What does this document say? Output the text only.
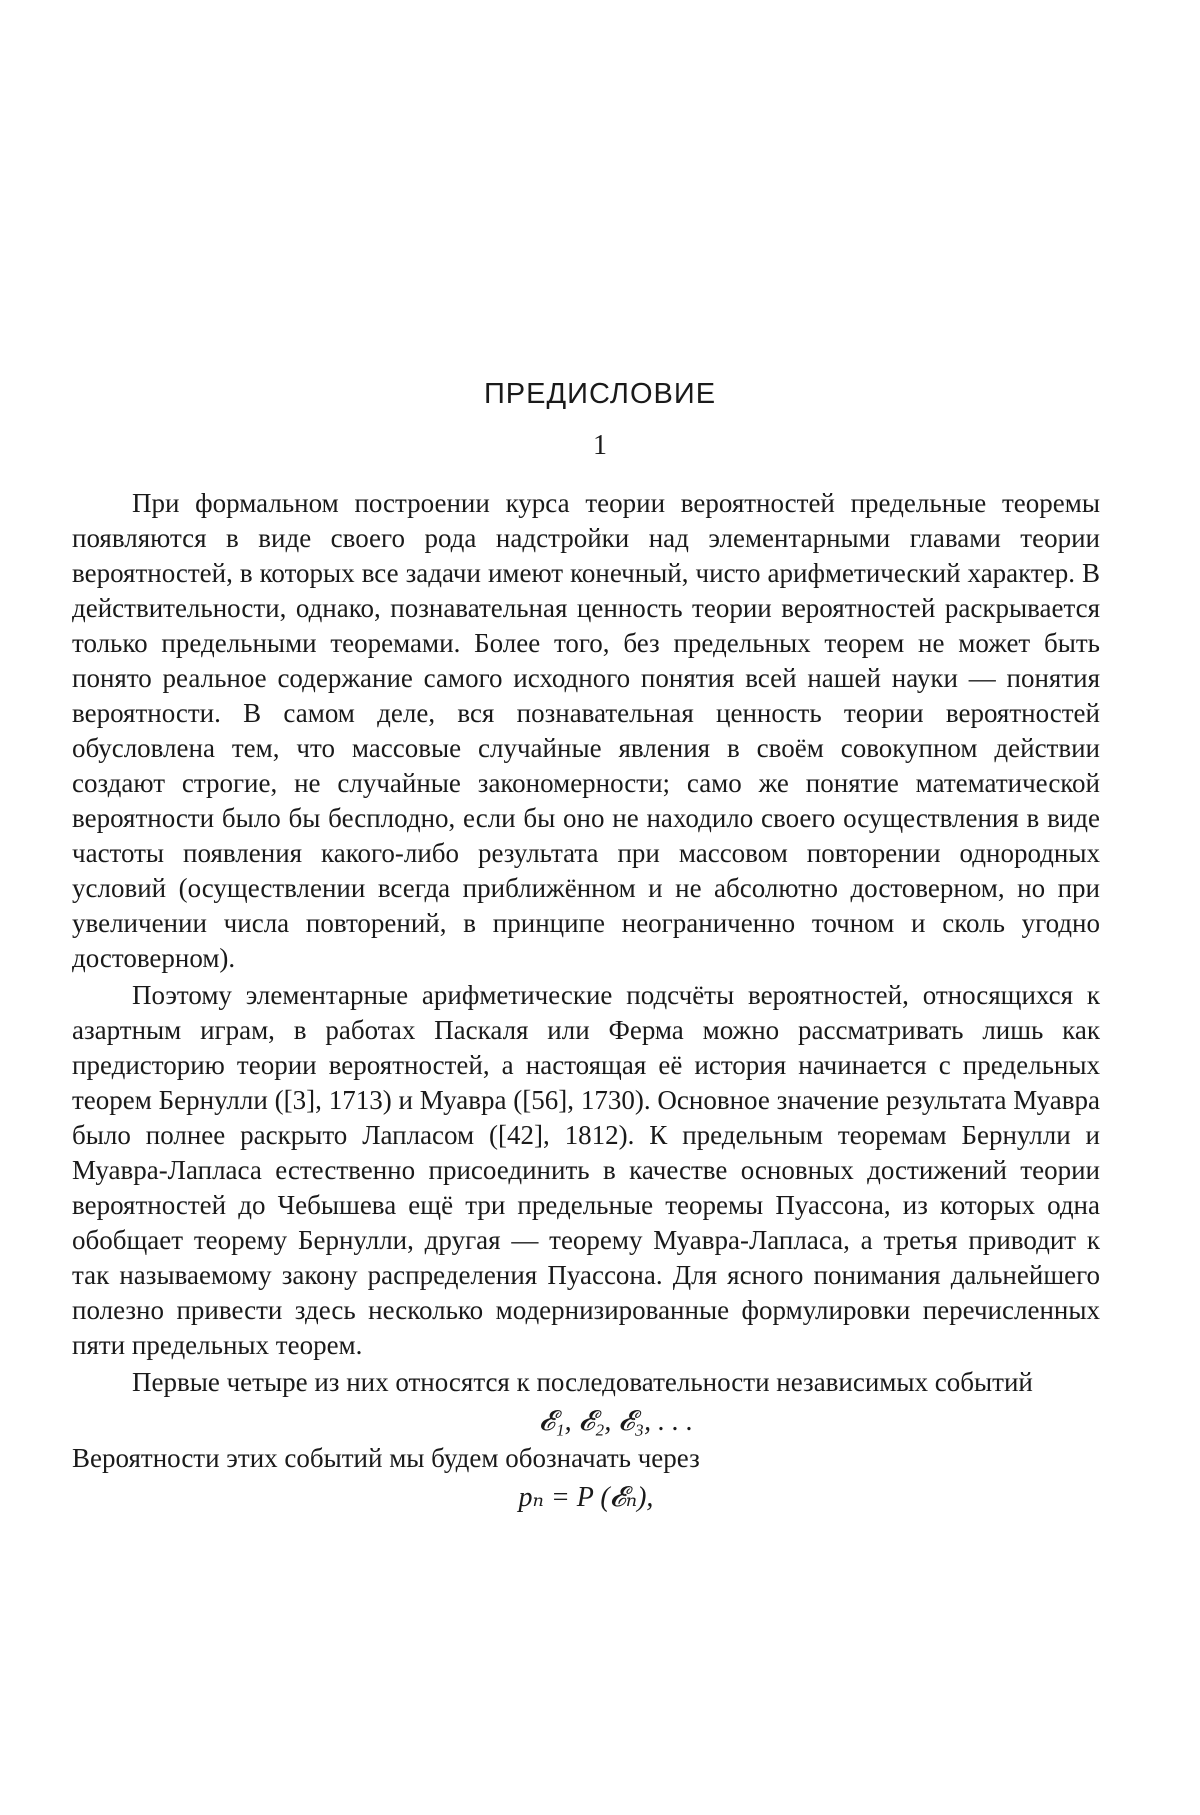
ПРЕДИСЛОВИЕ
1

При формальном построении курса теории вероятностей предельные теоремы появляются в виде своего рода надстройки над элементарными главами теории вероятностей, в которых все задачи имеют конечный, чисто арифметический характер. В действительности, однако, познавательная ценность теории вероятностей раскрывается только предельными теоремами. Более того, без предельных теорем не может быть понято реальное содержание самого исходного понятия всей нашей науки — понятия вероятности. В самом деле, вся познавательная ценность теории вероятностей обусловлена тем, что массовые случайные явления в своём совокупном действии создают строгие, не случайные закономерности; само же понятие математической вероятности было бы бесплодно, если бы оно не находило своего осуществления в виде частоты появления какого-либо результата при массовом повторении однородных условий (осуществлении всегда приближённом и не абсолютно достоверном, но при увеличении числа повторений, в принципе неограниченно точном и сколь угодно достоверном).

Поэтому элементарные арифметические подсчёты вероятностей, относящихся к азартным играм, в работах Паскаля или Ферма можно рассматривать лишь как предисторию теории вероятностей, а настоящая её история начинается с предельных теорем Бернулли ([3], 1713) и Муавра ([56], 1730). Основное значение результата Муавра было полнее раскрыто Лапласом ([42], 1812). К предельным теоремам Бернулли и Муавра-Лапласа естественно присоединить в качестве основных достижений теории вероятностей до Чебышева ещё три предельные теоремы Пуассона, из которых одна обобщает теорему Бернулли, другая — теорему Муавра-Лапласа, а третья приводит к так называемому закону распределения Пуассона. Для ясного понимания дальнейшего полезно привести здесь несколько модернизированные формулировки перечисленных пяти предельных теорем.

Первые четыре из них относятся к последовательности независимых событий

𝓔₁, 𝓔₂, 𝓔₃, . . .

Вероятности этих событий мы будем обозначать через

pₙ = P (𝓔ₙ),
